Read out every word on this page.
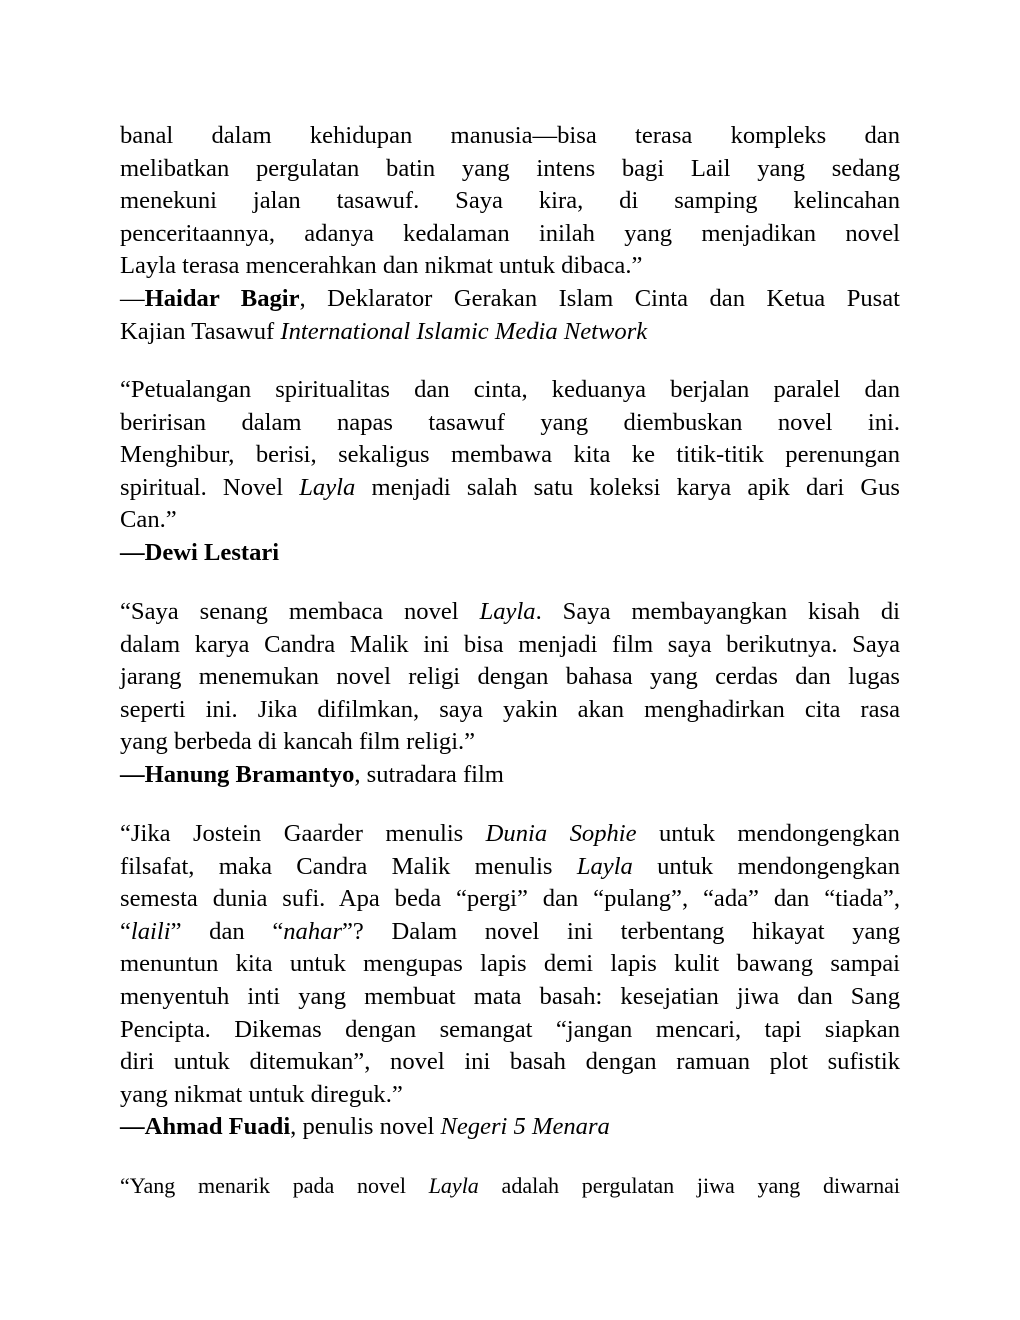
banal dalam kehidupan manusia—bisa terasa kompleks dan
melibatkan pergulatan batin yang intens bagi Lail yang sedang
menekuni jalan tasawuf. Saya kira, di samping kelincahan
penceritaannya, adanya kedalaman inilah yang menjadikan novel
Layla terasa mencerahkan dan nikmat untuk dibaca.”
—Haidar Bagir, Deklarator Gerakan Islam Cinta dan Ketua Pusat
Kajian Tasawuf International Islamic Media Network
“Petualangan spiritualitas dan cinta, keduanya berjalan paralel dan
beririsan dalam napas tasawuf yang diembuskan novel ini.
Menghibur, berisi, sekaligus membawa kita ke titik-titik perenungan
spiritual. Novel Layla menjadi salah satu koleksi karya apik dari Gus
Can.”
—Dewi Lestari
“Saya senang membaca novel Layla. Saya membayangkan kisah di
dalam karya Candra Malik ini bisa menjadi film saya berikutnya. Saya
jarang menemukan novel religi dengan bahasa yang cerdas dan lugas
seperti ini. Jika difilmkan, saya yakin akan menghadirkan cita rasa
yang berbeda di kancah film religi.”
—Hanung Bramantyo, sutradara film
“Jika Jostein Gaarder menulis Dunia Sophie untuk mendongengkan
filsafat, maka Candra Malik menulis Layla untuk mendongengkan
semesta dunia sufi. Apa beda “pergi” dan “pulang”, “ada” dan “tiada”,
“laili” dan “nahar”? Dalam novel ini terbentang hikayat yang
menuntun kita untuk mengupas lapis demi lapis kulit bawang sampai
menyentuh inti yang membuat mata basah: kesejatian jiwa dan Sang
Pencipta. Dikemas dengan semangat “jangan mencari, tapi siapkan
diri untuk ditemukan”, novel ini basah dengan ramuan plot sufistik
yang nikmat untuk direguk.”
—Ahmad Fuadi, penulis novel Negeri 5 Menara
“Yang menarik pada novel Layla adalah pergulatan jiwa yang diwarnai
